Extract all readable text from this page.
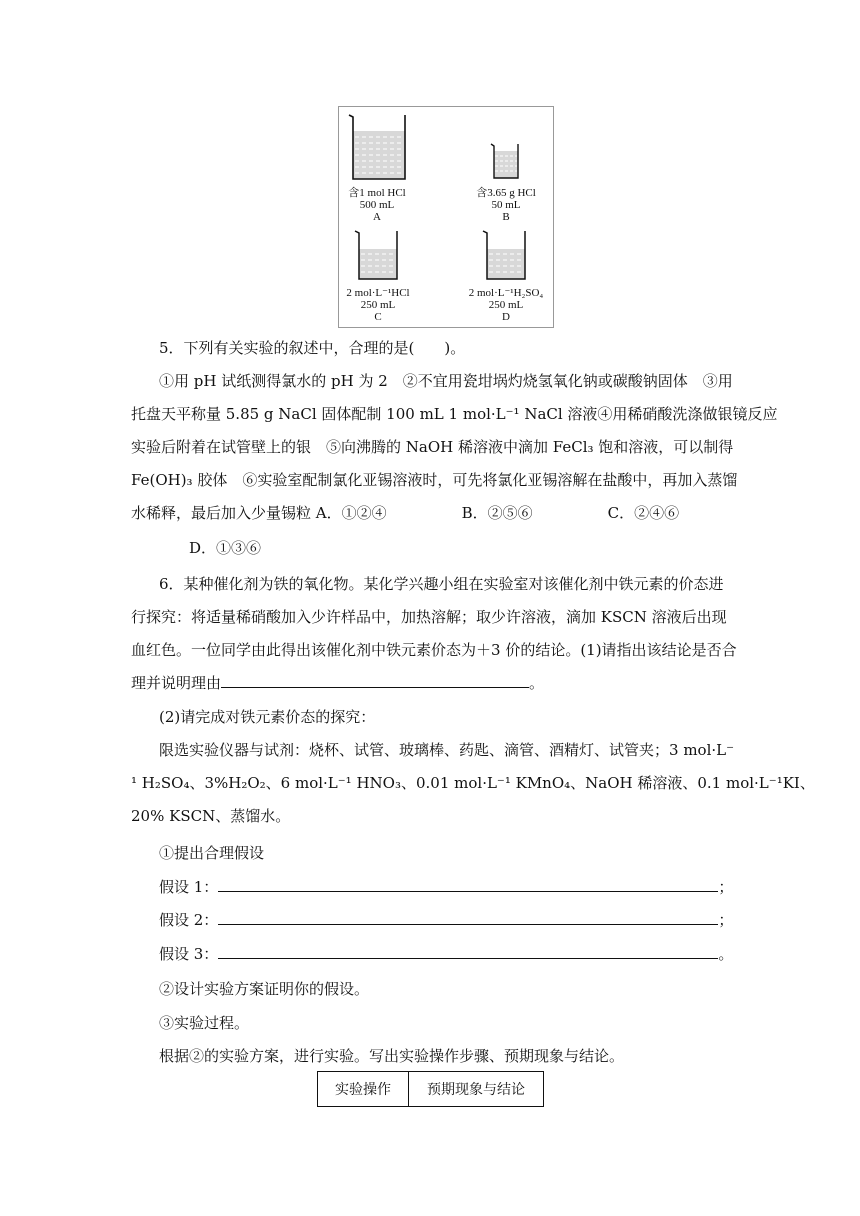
含1 mol HCl
500 mL
A
含3.65 g HCl
50 mL
B
2 mol·L⁻¹HCl
250 mL
C
2 mol·L⁻¹H₂SO₄
250 mL
D
5．下列有关实验的叙述中，合理的是(　　)。
①用 pH 试纸测得氯水的 pH 为 2　②不宜用瓷坩埚灼烧氢氧化钠或碳酸钠固体　③用
托盘天平称量 5.85 g NaCl 固体配制 100 mL 1 mol·L⁻¹ NaCl 溶液④用稀硝酸洗涤做银镜反应
实验后附着在试管壁上的银　⑤向沸腾的 NaOH 稀溶液中滴加 FeCl₃ 饱和溶液，可以制得
Fe(OH)₃ 胶体　⑥实验室配制氯化亚锡溶液时，可先将氯化亚锡溶解在盐酸中，再加入蒸馏
水稀释，最后加入少量锡粒 A．①②④　　　　　B．②⑤⑥　　　　　C．②④⑥
D．①③⑥
6．某种催化剂为铁的氧化物。某化学兴趣小组在实验室对该催化剂中铁元素的价态进
行探究：将适量稀硝酸加入少许样品中，加热溶解；取少许溶液，滴加 KSCN 溶液后出现
血红色。一位同学由此得出该催化剂中铁元素价态为＋3 价的结论。(1)请指出该结论是否合
理并说明理由	。
(2)请完成对铁元素价态的探究：
限选实验仪器与试剂：烧杯、试管、玻璃棒、药匙、滴管、酒精灯、试管夹；3 mol·L⁻
¹ H₂SO₄、3%H₂O₂、6 mol·L⁻¹ HNO₃、0.01 mol·L⁻¹ KMnO₄、NaOH 稀溶液、0.1 mol·L⁻¹KI、
20% KSCN、蒸馏水。
①提出合理假设
假设 1：	；
假设 2：	；
假设 3：	。
②设计实验方案证明你的假设。
③实验过程。
根据②的实验方案，进行实验。写出实验操作步骤、预期现象与结论。
实验操作	预期现象与结论
